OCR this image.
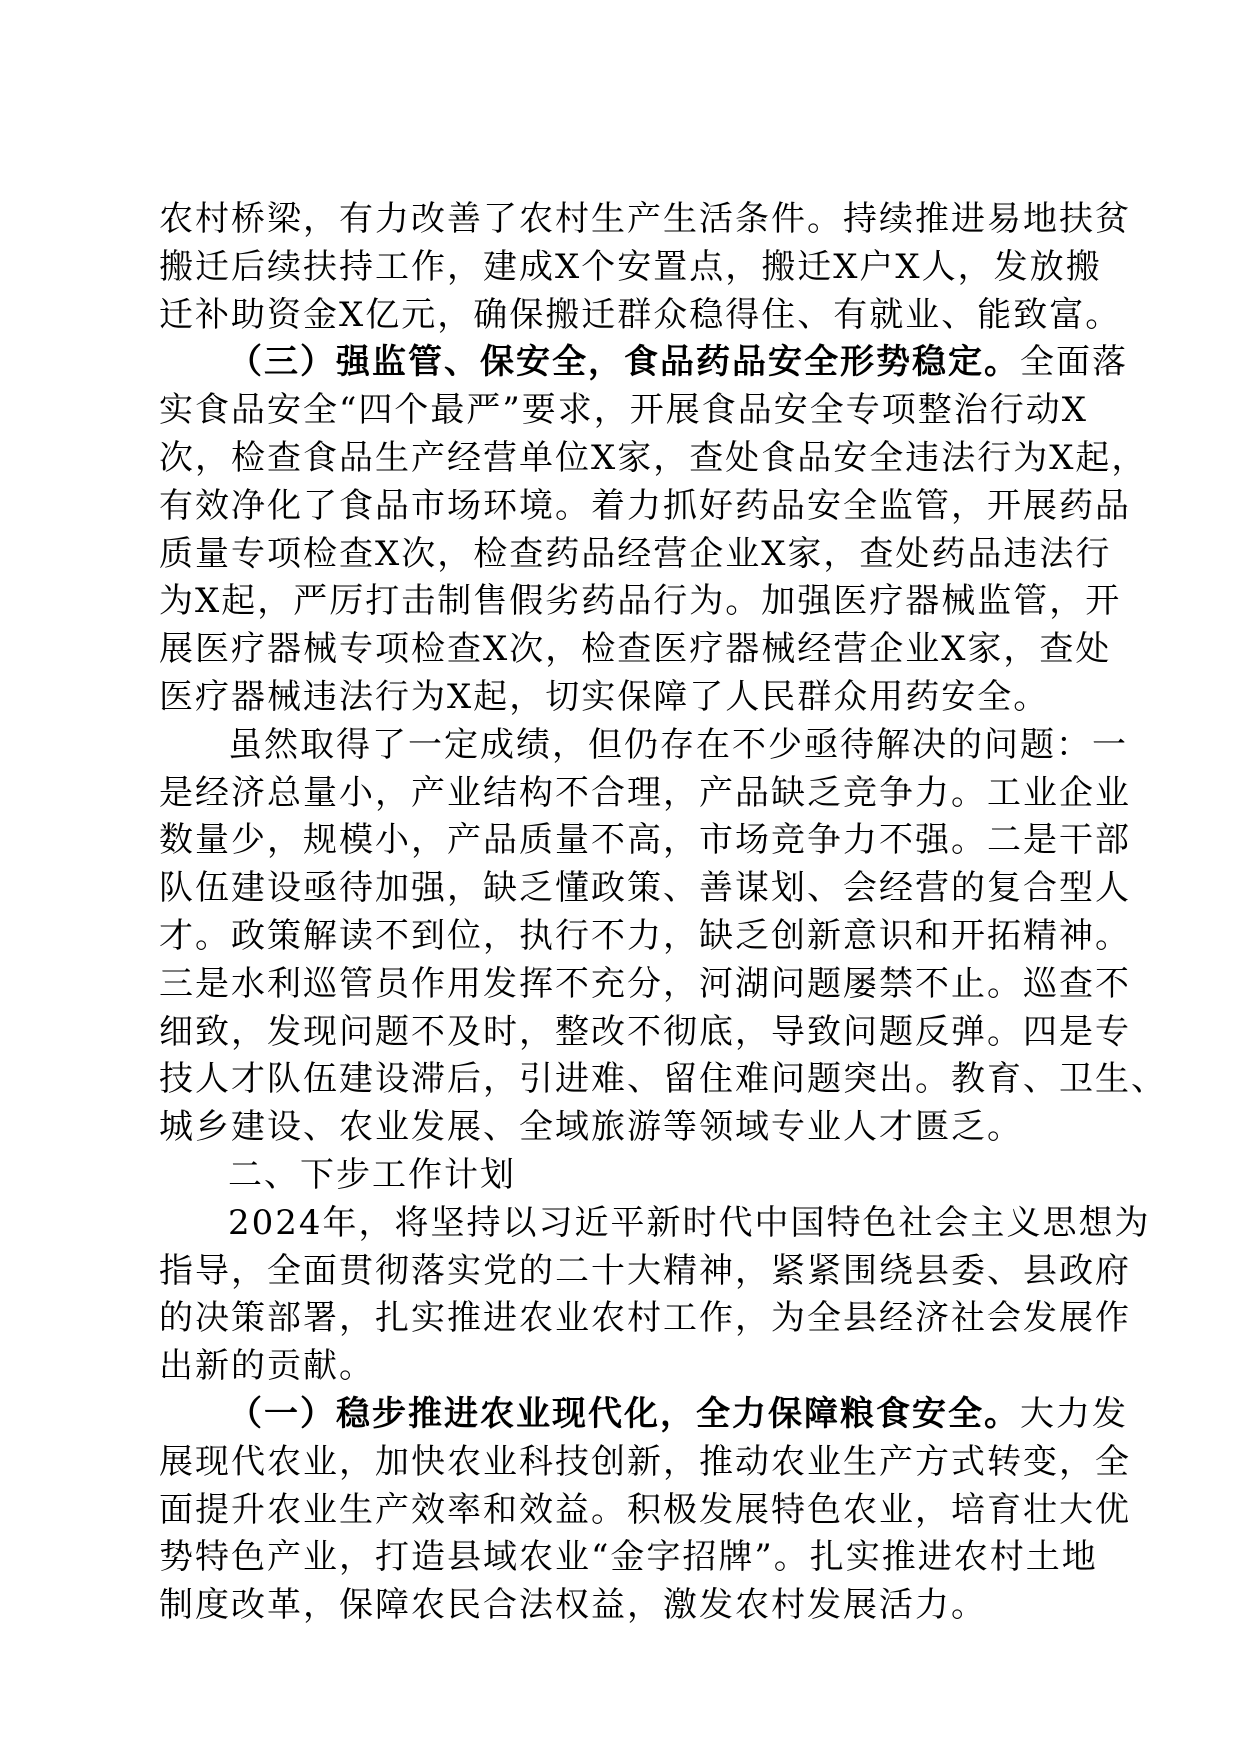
农村桥梁，有力改善了农村生产生活条件。持续推进易地扶贫
搬迁后续扶持工作，建成X个安置点，搬迁X户X人，发放搬
迁补助资金X亿元，确保搬迁群众稳得住、有就业、能致富。
（三）强监管、保安全，食品药品安全形势稳定。全面落
实食品安全“四个最严”要求，开展食品安全专项整治行动X
次，检查食品生产经营单位X家，查处食品安全违法行为X起，
有效净化了食品市场环境。着力抓好药品安全监管，开展药品
质量专项检查X次，检查药品经营企业X家，查处药品违法行
为X起，严厉打击制售假劣药品行为。加强医疗器械监管，开
展医疗器械专项检查X次，检查医疗器械经营企业X家，查处
医疗器械违法行为X起，切实保障了人民群众用药安全。
虽然取得了一定成绩，但仍存在不少亟待解决的问题：一
是经济总量小，产业结构不合理，产品缺乏竞争力。工业企业
数量少，规模小，产品质量不高，市场竞争力不强。二是干部
队伍建设亟待加强，缺乏懂政策、善谋划、会经营的复合型人
才。政策解读不到位，执行不力，缺乏创新意识和开拓精神。
三是水利巡管员作用发挥不充分，河湖问题屡禁不止。巡查不
细致，发现问题不及时，整改不彻底，导致问题反弹。四是专
技人才队伍建设滞后，引进难、留住难问题突出。教育、卫生、
城乡建设、农业发展、全域旅游等领域专业人才匮乏。
二、下步工作计划
2024年，将坚持以习近平新时代中国特色社会主义思想为
指导，全面贯彻落实党的二十大精神，紧紧围绕县委、县政府
的决策部署，扎实推进农业农村工作，为全县经济社会发展作
出新的贡献。
（一）稳步推进农业现代化，全力保障粮食安全。大力发
展现代农业，加快农业科技创新，推动农业生产方式转变，全
面提升农业生产效率和效益。积极发展特色农业，培育壮大优
势特色产业，打造县域农业“金字招牌”。扎实推进农村土地
制度改革，保障农民合法权益，激发农村发展活力。
